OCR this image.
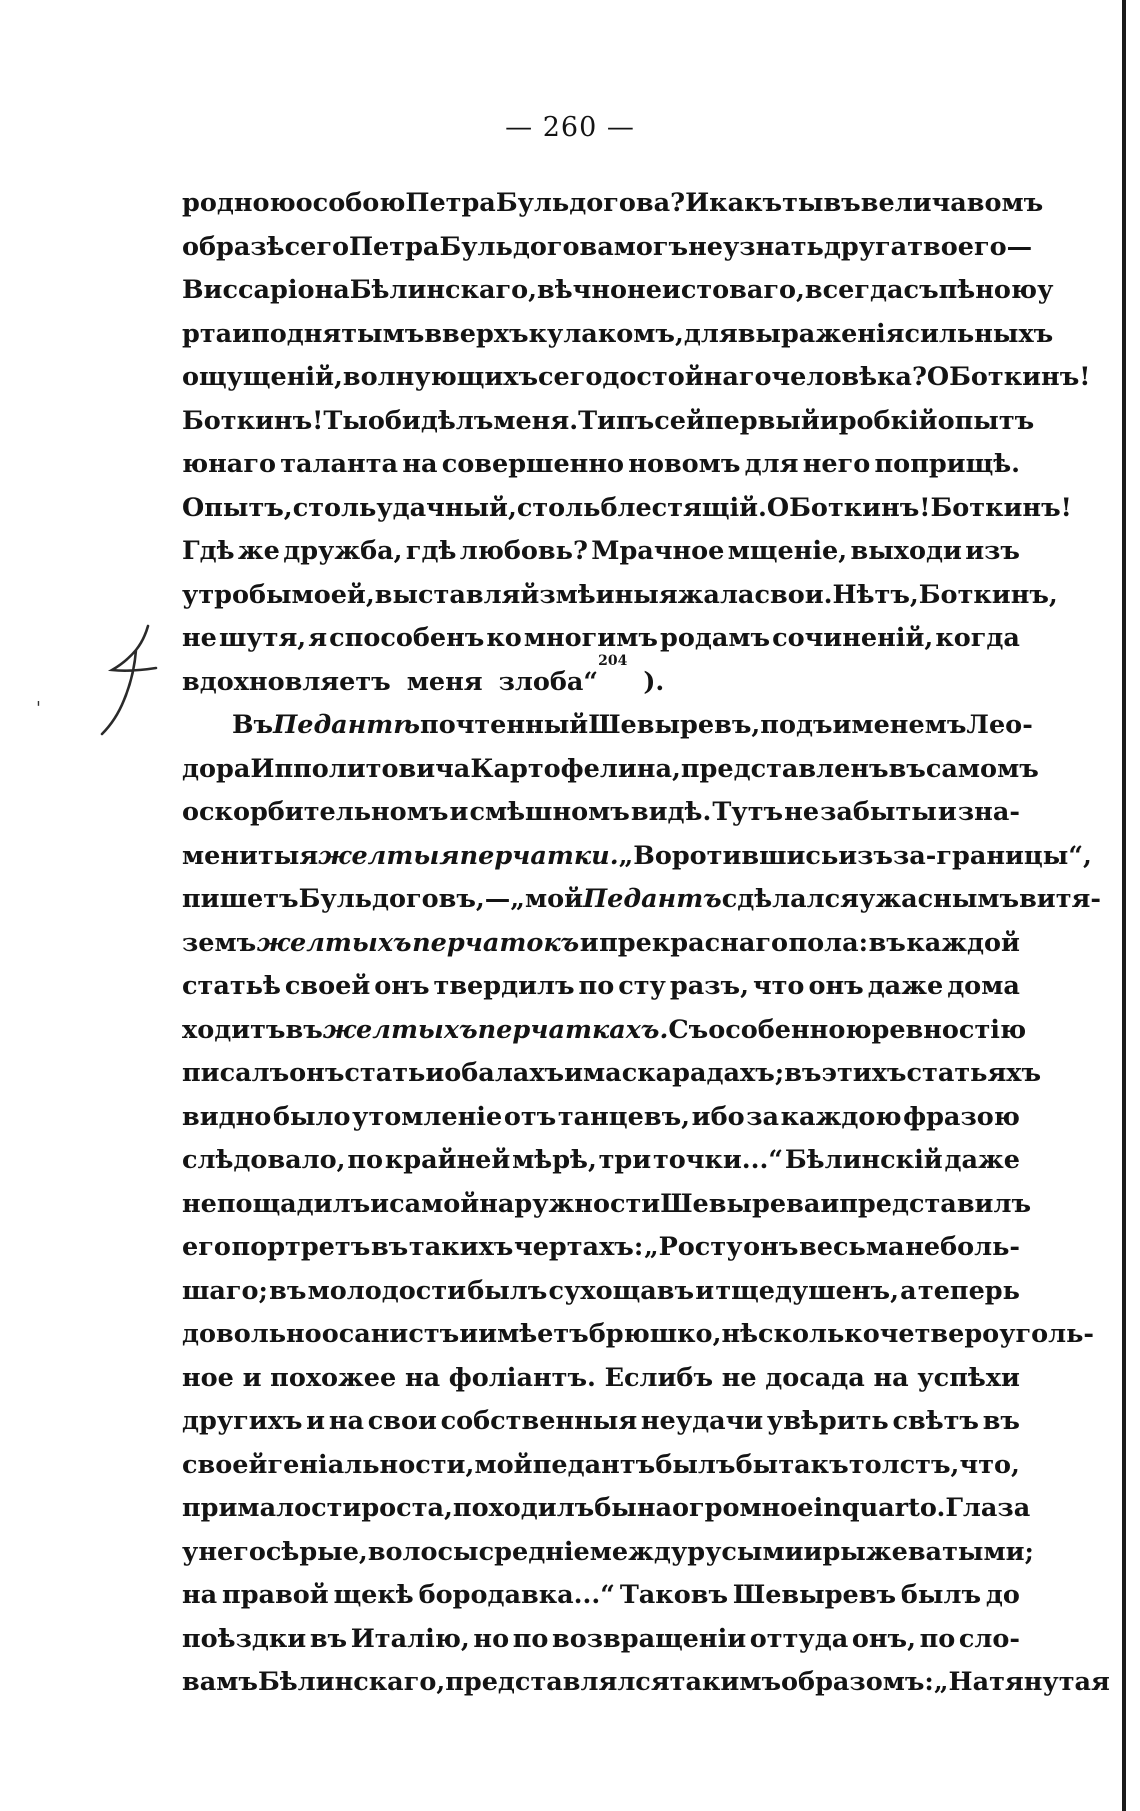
— 260 —
'
родною особою Петра Бульдогова? И какъ ты въ величавомъ
образѣ сего Петра Бульдогова могъ не узнать друга твоего—
Виссаріона Бѣлинскаго, вѣчно неистоваго, всегда съ пѣною у
рта и поднятымъ вверхъ кулакомъ, для выраженія сильныхъ
ощущеній, волнующихъ сего достойнаго человѣка? О Боткинъ!
Боткинъ! Ты обидѣлъ меня. Типъ сей первый и робкій опытъ
юнаго таланта на совершенно новомъ для него поприщѣ.
Опытъ, столь удачный, столь блестящій. О Боткинъ! Боткинъ!
Гдѣ же дружба, гдѣ любовь? Мрачное мщеніе, выходи изъ
утробы моей, выставляй змѣиныя жала свои. Нѣтъ, Боткинъ,
не шутя, я способенъ ко многимъ родамъ сочиненій, когда
вдохновляетъ меня злоба“
204
).
Въ Педантѣ почтенный Шевыревъ, подъ именемъ Лео-
дора Ипполитовича Картофелина, представленъ въ самомъ
оскорбительномъ и смѣшномъ видѣ. Тутъ не забыты и зна-
менитыя желтыя перчатки. „Воротившись изъ за-границы“,
пишетъ Бульдоговъ,— „мой Педантъ сдѣлался ужаснымъ витя-
земъ желтыхъ перчатокъ и прекраснаго пола: въ каждой
статьѣ своей онъ твердилъ по сту разъ, что онъ даже дома
ходитъ въ желтыхъ перчаткахъ. Съ особенною ревностію
писалъ онъ статьи о балахъ и маскарадахъ; въ этихъ статьяхъ
видно было утомленіе отъ танцевъ, ибо за каждою фразою
слѣдовало, по крайней мѣрѣ, три точки...“ Бѣлинскій даже
не пощадилъ и самой наружности Шевырева и представилъ
его портретъ въ такихъ чертахъ: „Росту онъ весьма неболь-
шаго; въ молодости былъ сухощавъ и тщедушенъ, а теперь
довольно осанистъ и имѣетъ брюшко, нѣсколько четвероуголь-
ное и похожее на фоліантъ. Еслибъ не досада на успѣхи
другихъ и на свои собственныя неудачи увѣрить свѣтъ въ
своей геніальности, мой педантъ былъ бы такъ толстъ, что,
при малости роста, походилъ бы на огромное in quarto. Глаза
у него сѣрые, волосы средніе между русыми и рыжеватыми;
на правой щекѣ бородавка...“ Таковъ Шевыревъ былъ до
поѣздки въ Италію, но по возвращеніи оттуда онъ, по сло-
вамъ Бѣлинскаго, представлялся такимъ образомъ: „Натянутая
